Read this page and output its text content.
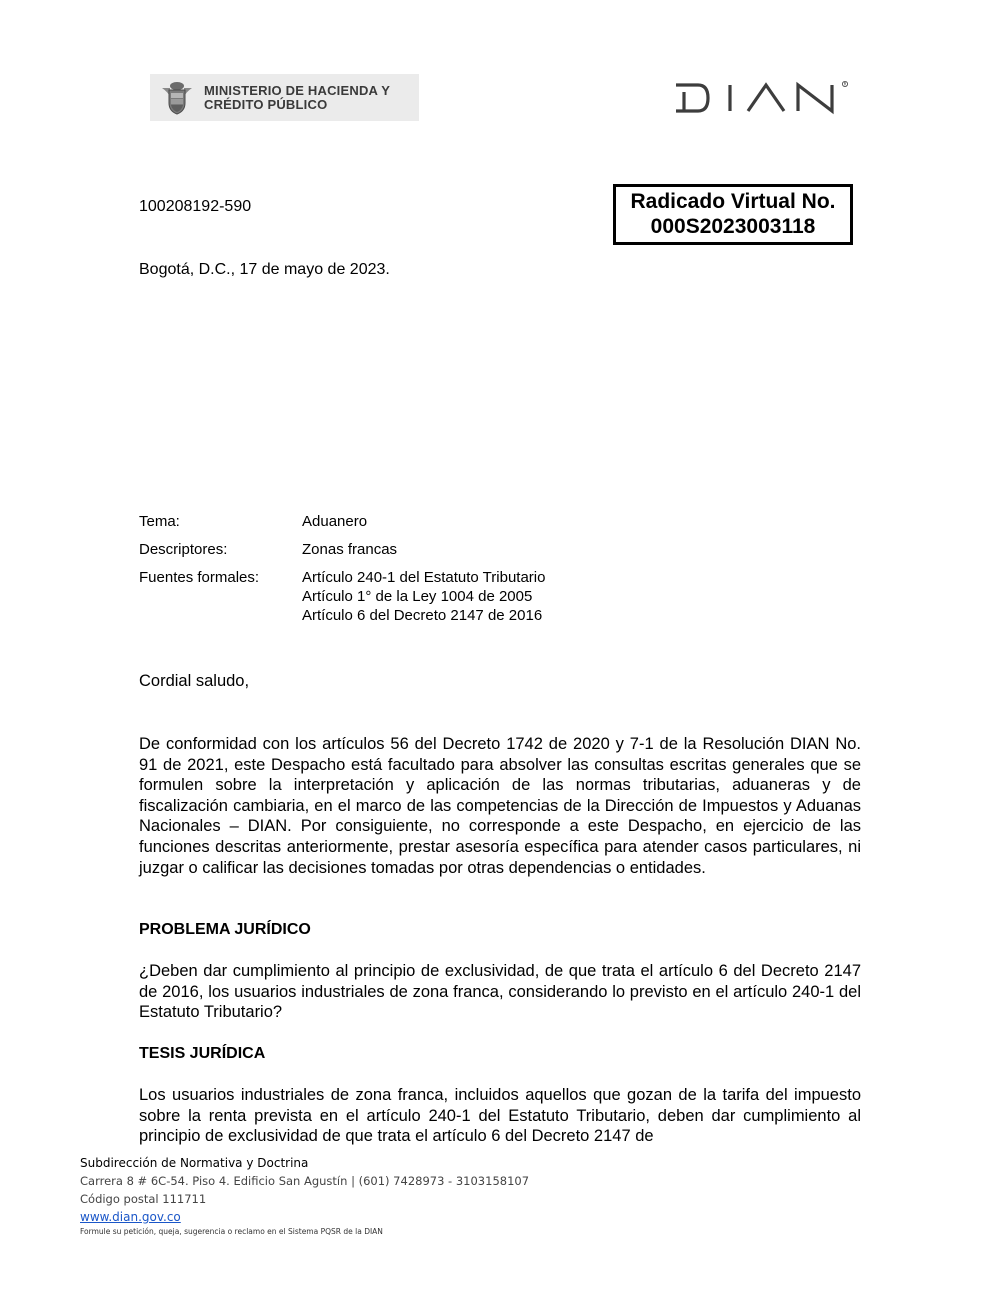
MINISTERIO DE HACIENDA Y
CRÉDITO PÚBLICO
R
100208192-590	Radicado Virtual No.
000S2023003118
Bogotá, D.C., 17 de mayo de 2023.
Tema:	Aduanero
Descriptores:	Zonas francas
Fuentes formales:	Artículo 240-1 del Estatuto Tributario
Artículo 1° de la Ley 1004 de 2005
Artículo 6 del Decreto 2147 de 2016
Cordial saludo,
De conformidad con los artículos 56 del Decreto 1742 de 2020 y 7-1 de la Resolución DIAN No. 91 de 2021, este Despacho está facultado para absolver las consultas escritas generales que se formulen sobre la interpretación y aplicación de las normas tributarias, aduaneras y de fiscalización cambiaria, en el marco de las competencias de la Dirección de Impuestos y Aduanas Nacionales – DIAN. Por consiguiente, no corresponde a este Despacho, en ejercicio de las funciones descritas anteriormente, prestar asesoría específica para atender casos particulares, ni juzgar o calificar las decisiones tomadas por otras dependencias o entidades.
PROBLEMA JURÍDICO
¿Deben dar cumplimiento al principio de exclusividad, de que trata el artículo 6 del Decreto 2147 de 2016, los usuarios industriales de zona franca, considerando lo previsto en el artículo 240-1 del Estatuto Tributario?
TESIS JURÍDICA
Los usuarios industriales de zona franca, incluidos aquellos que gozan de la tarifa del impuesto sobre la renta prevista en el artículo 240-1 del Estatuto Tributario, deben dar cumplimiento al principio de exclusividad de que trata el artículo 6 del Decreto 2147 de
Subdirección de Normativa y Doctrina
Carrera 8 # 6C-54. Piso 4. Edificio San Agustín | (601) 7428973 - 3103158107
Código postal 111711
www.dian.gov.co
Formule su petición, queja, sugerencia o reclamo en el Sistema PQSR de la DIAN
